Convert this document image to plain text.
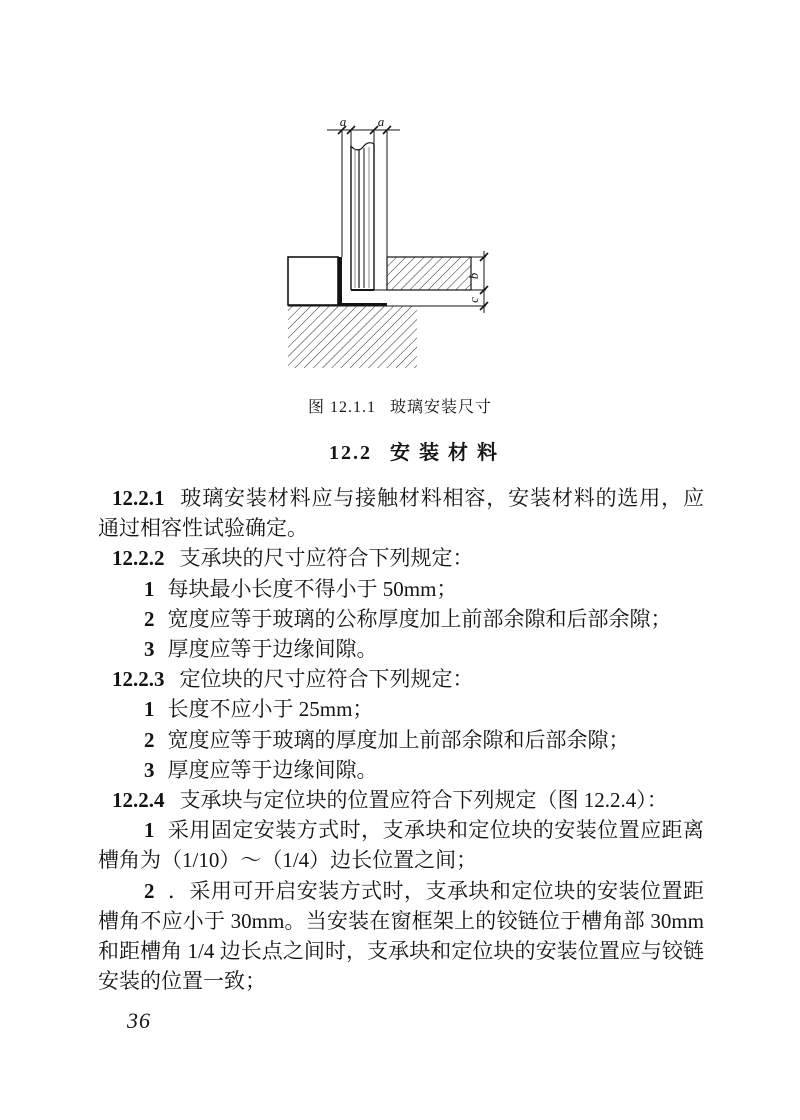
a a
b
c
图 12.1.1 玻璃安装尺寸
12.2 安 装 材 料

12.2.1 玻璃安装材料应与接触材料相容，安装材料的选用，应通过相容性试验确定。

12.2.2 支承块的尺寸应符合下列规定：

1 每块最小长度不得小于 50mm；

2 宽度应等于玻璃的公称厚度加上前部余隙和后部余隙；

3 厚度应等于边缘间隙。

12.2.3 定位块的尺寸应符合下列规定：

1 长度不应小于 25mm；

2 宽度应等于玻璃的厚度加上前部余隙和后部余隙；

3 厚度应等于边缘间隙。

12.2.4 支承块与定位块的位置应符合下列规定（图 12.2.4）：

1 采用固定安装方式时，支承块和定位块的安装位置应距离槽角为（1/10）～（1/4）边长位置之间；

2 ．采用可开启安装方式时，支承块和定位块的安装位置距槽角不应小于 30mm。当安装在窗框架上的铰链位于槽角部 30mm 和距槽角 1/4 边长点之间时，支承块和定位块的安装位置应与铰链安装的位置一致；

36
